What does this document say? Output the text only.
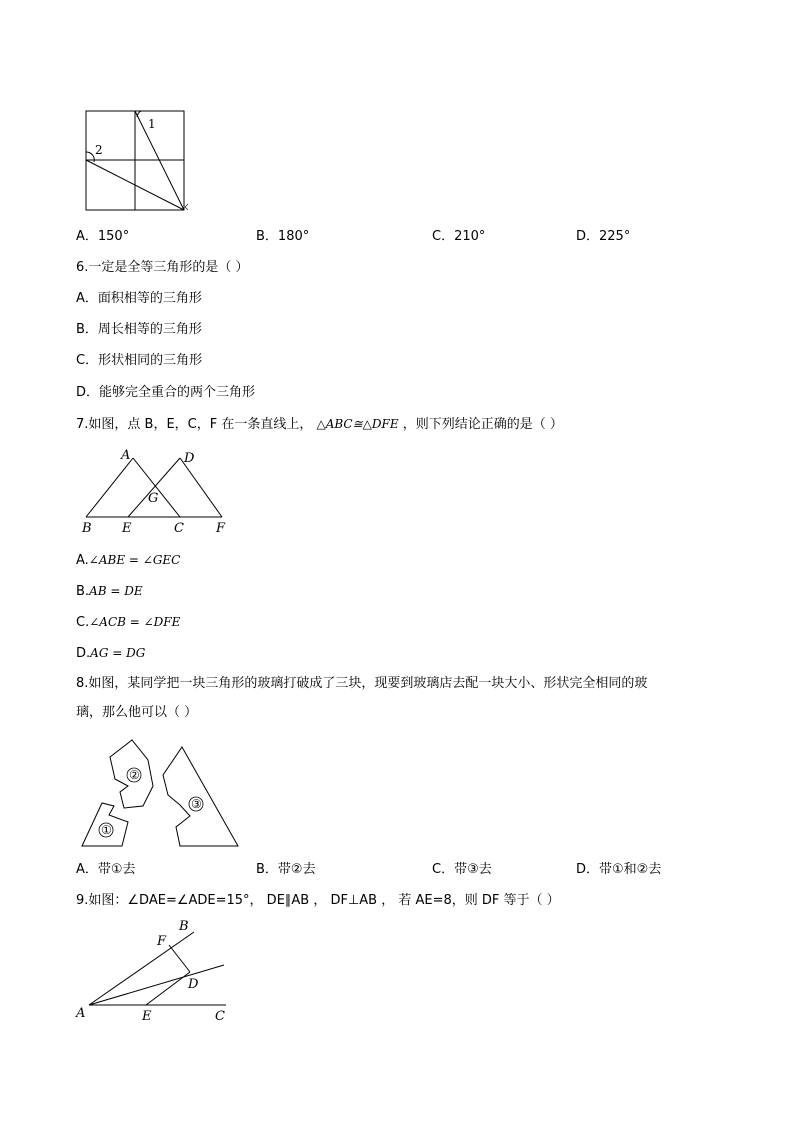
1
2
A．150°	B．180°	C．210°	D．225°
6.一定是全等三角形的是（ ）
A．面积相等的三角形
B．周长相等的三角形
C．形状相同的三角形
D．能够完全重合的两个三角形
7.如图，点 B，E，C，F 在一条直线上， △ABC≅△DFE ，则下列结论正确的是（ ）
A	D
G
B E	C F
A.∠ABE = ∠GEC
B.AB = DE
C.∠ACB = ∠DFE
D.AG = DG
8.如图，某同学把一块三角形的玻璃打破成了三块，现要到玻璃店去配一块大小、形状完全相同的玻
璃，那么他可以（ ）
①
②
③
A．带①去	B．带②去	C．带③去	D．带①和②去
9.如图：∠DAE=∠ADE=15°， DE∥AB ， DF⊥AB ， 若 AE=8，则 DF 等于（ ）
A
B
C
D
E
F
